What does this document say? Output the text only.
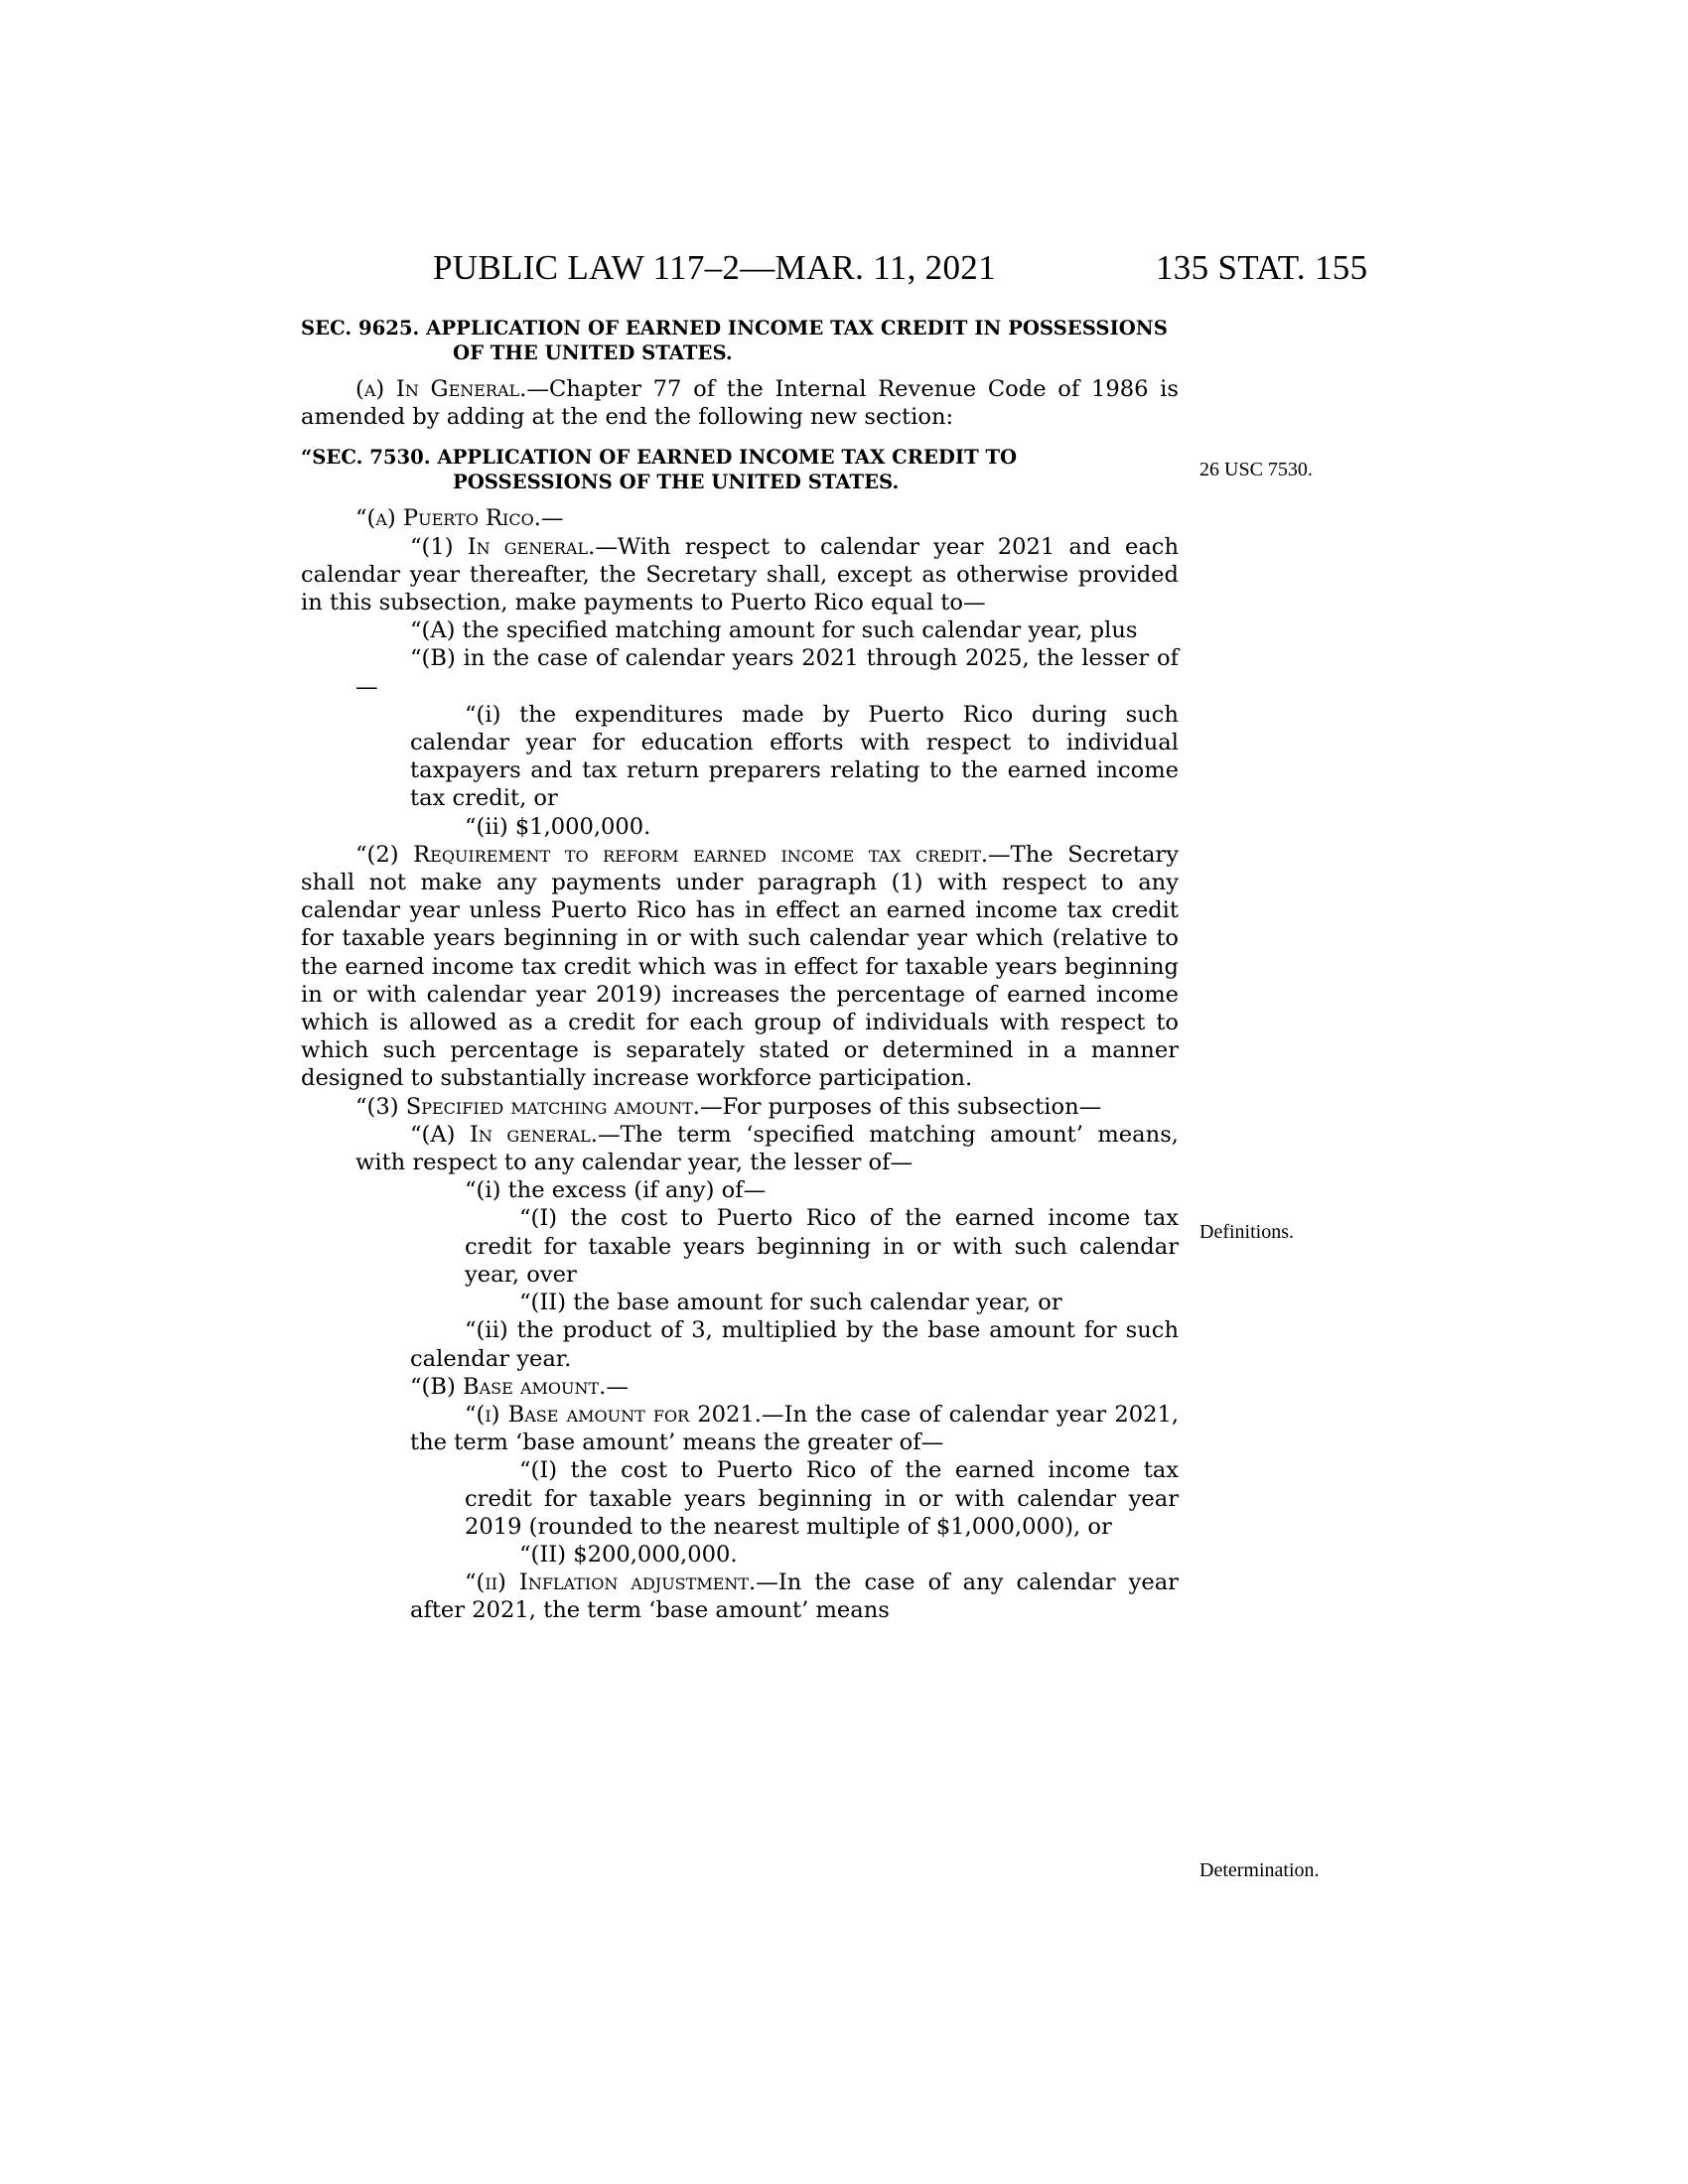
PUBLIC LAW 117–2—MAR. 11, 2021	135 STAT. 155

SEC. 9625. APPLICATION OF EARNED INCOME TAX CREDIT IN POSSESSIONS OF THE UNITED STATES.

(a) In General.—Chapter 77 of the Internal Revenue Code of 1986 is amended by adding at the end the following new section:

“SEC. 7530. APPLICATION OF EARNED INCOME TAX CREDIT TO POSSESSIONS OF THE UNITED STATES.

“(a) Puerto Rico.—

“(1) In general.—With respect to calendar year 2021 and each calendar year thereafter, the Secretary shall, except as otherwise provided in this subsection, make payments to Puerto Rico equal to—

“(A) the specified matching amount for such calendar year, plus

“(B) in the case of calendar years 2021 through 2025, the lesser of—

“(i) the expenditures made by Puerto Rico during such calendar year for education efforts with respect to individual taxpayers and tax return preparers relating to the earned income tax credit, or

“(ii) $1,000,000.

“(2) Requirement to reform earned income tax credit.—The Secretary shall not make any payments under paragraph (1) with respect to any calendar year unless Puerto Rico has in effect an earned income tax credit for taxable years beginning in or with such calendar year which (relative to the earned income tax credit which was in effect for taxable years beginning in or with calendar year 2019) increases the percentage of earned income which is allowed as a credit for each group of individuals with respect to which such percentage is separately stated or determined in a manner designed to substantially increase workforce participation.

“(3) Specified matching amount.—For purposes of this subsection—

“(A) In general.—The term ‘specified matching amount’ means, with respect to any calendar year, the lesser of—

“(i) the excess (if any) of—

“(I) the cost to Puerto Rico of the earned income tax credit for taxable years beginning in or with such calendar year, over

“(II) the base amount for such calendar year, or

“(ii) the product of 3, multiplied by the base amount for such calendar year.

“(B) Base amount.—

“(i) Base amount for 2021.—In the case of calendar year 2021, the term ‘base amount’ means the greater of—

“(I) the cost to Puerto Rico of the earned income tax credit for taxable years beginning in or with calendar year 2019 (rounded to the nearest multiple of $1,000,000), or

“(II) $200,000,000.

“(ii) Inflation adjustment.—In the case of any calendar year after 2021, the term ‘base amount’ means

26 USC 7530.
Definitions.
Determination.
